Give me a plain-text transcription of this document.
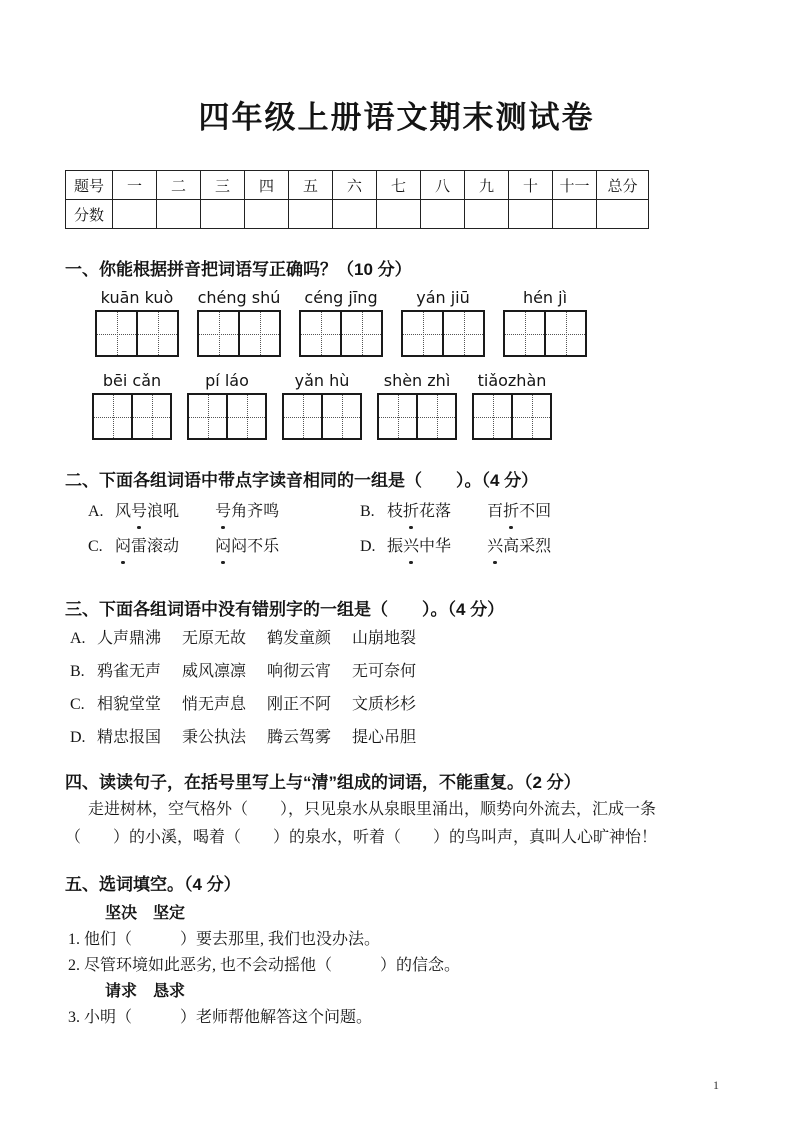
四年级上册语文期末测试卷
题号	一	二	三	四	五	六	七	八	九	十	十一	总分
分数												
一、你能根据拼音把词语写正确吗？（10 分）
kuān kuò	chéng shú	céng jīng	yán jiū	hén jì
bēi cǎn	pí láo	yǎn hù	shèn zhì	tiǎozhàn
二、下面各组词语中带点字读音相同的一组是（　　）。（4 分）
A. 风号浪吼 号角齐鸣	B. 枝折花落 百折不回
C. 闷雷滚动 闷闷不乐	D. 振兴中华 兴高采烈
三、下面各组词语中没有错别字的一组是（　　）。（4 分）
A. 人声鼎沸 无原无故 鹤发童颜 山崩地裂
B. 鸦雀无声 威风凛凛 响彻云宵 无可奈何
C. 相貌堂堂 悄无声息 刚正不阿 文质杉杉
D. 精忠报国 秉公执法 腾云驾雾 提心吊胆
四、读读句子，在括号里写上与“清”组成的词语，不能重复。（2 分）
走进树林，空气格外（　　），只见泉水从泉眼里涌出，顺势向外流去，汇成一条
（　　）的小溪，喝着（　　）的泉水，听着（　　）的鸟叫声，真叫人心旷神怡！
五、选词填空。（4 分）
坚决　坚定
1. 他们（　　　）要去那里, 我们也没办法。
2. 尽管环境如此恶劣, 也不会动摇他（　　　）的信念。
请求　恳求
3. 小明（　　　）老师帮他解答这个问题。
1
